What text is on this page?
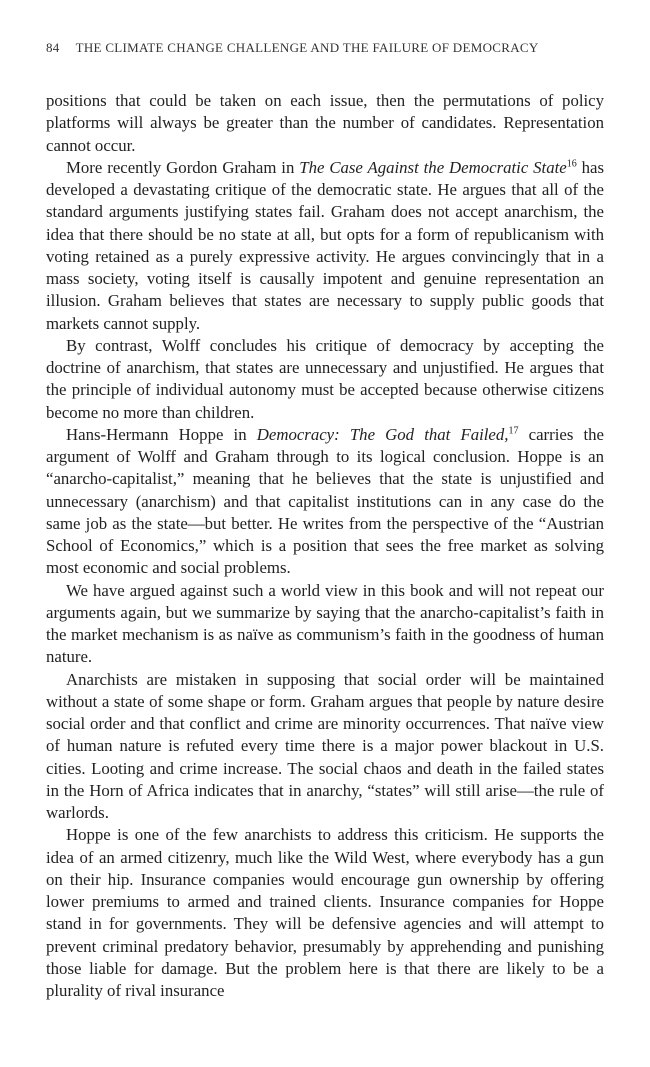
84 THE CLIMATE CHANGE CHALLENGE AND THE FAILURE OF DEMOCRACY

positions that could be taken on each issue, then the permutations of policy platforms will always be greater than the number of candidates. Representation cannot occur.

More recently Gordon Graham in The Case Against the Democratic State$^{16}$ has developed a devastating critique of the democratic state. He argues that all of the standard arguments justifying states fail. Graham does not accept anarchism, the idea that there should be no state at all, but opts for a form of republicanism with voting retained as a purely expressive activity. He argues convincingly that in a mass society, voting itself is causally impotent and genuine representation an illusion. Graham believes that states are necessary to supply public goods that markets cannot supply.

By contrast, Wolff concludes his critique of democracy by accepting the doctrine of anarchism, that states are unnecessary and unjustified. He argues that the principle of individual autonomy must be accepted because otherwise citizens become no more than children.

Hans-Hermann Hoppe in Democracy: The God that Failed,$^{17}$ carries the argument of Wolff and Graham through to its logical conclusion. Hoppe is an “anarcho-capitalist,” meaning that he believes that the state is unjustified and unnecessary (anarchism) and that capitalist institutions can in any case do the same job as the state—but better. He writes from the perspective of the “Austrian School of Economics,” which is a position that sees the free market as solving most economic and social problems.

We have argued against such a world view in this book and will not repeat our arguments again, but we summarize by saying that the anarcho-capitalist’s faith in the market mechanism is as naïve as communism’s faith in the goodness of human nature.

Anarchists are mistaken in supposing that social order will be maintained without a state of some shape or form. Graham argues that people by nature desire social order and that conflict and crime are minority occurrences. That naïve view of human nature is refuted every time there is a major power blackout in U.S. cities. Looting and crime increase. The social chaos and death in the failed states in the Horn of Africa indicates that in anarchy, “states” will still arise—the rule of warlords.

Hoppe is one of the few anarchists to address this criticism. He supports the idea of an armed citizenry, much like the Wild West, where everybody has a gun on their hip. Insurance companies would encourage gun ownership by offering lower premiums to armed and trained clients. Insurance companies for Hoppe stand in for governments. They will be defensive agencies and will attempt to prevent criminal predatory behavior, presumably by apprehending and punishing those liable for damage. But the problem here is that there are likely to be a plurality of rival insurance
